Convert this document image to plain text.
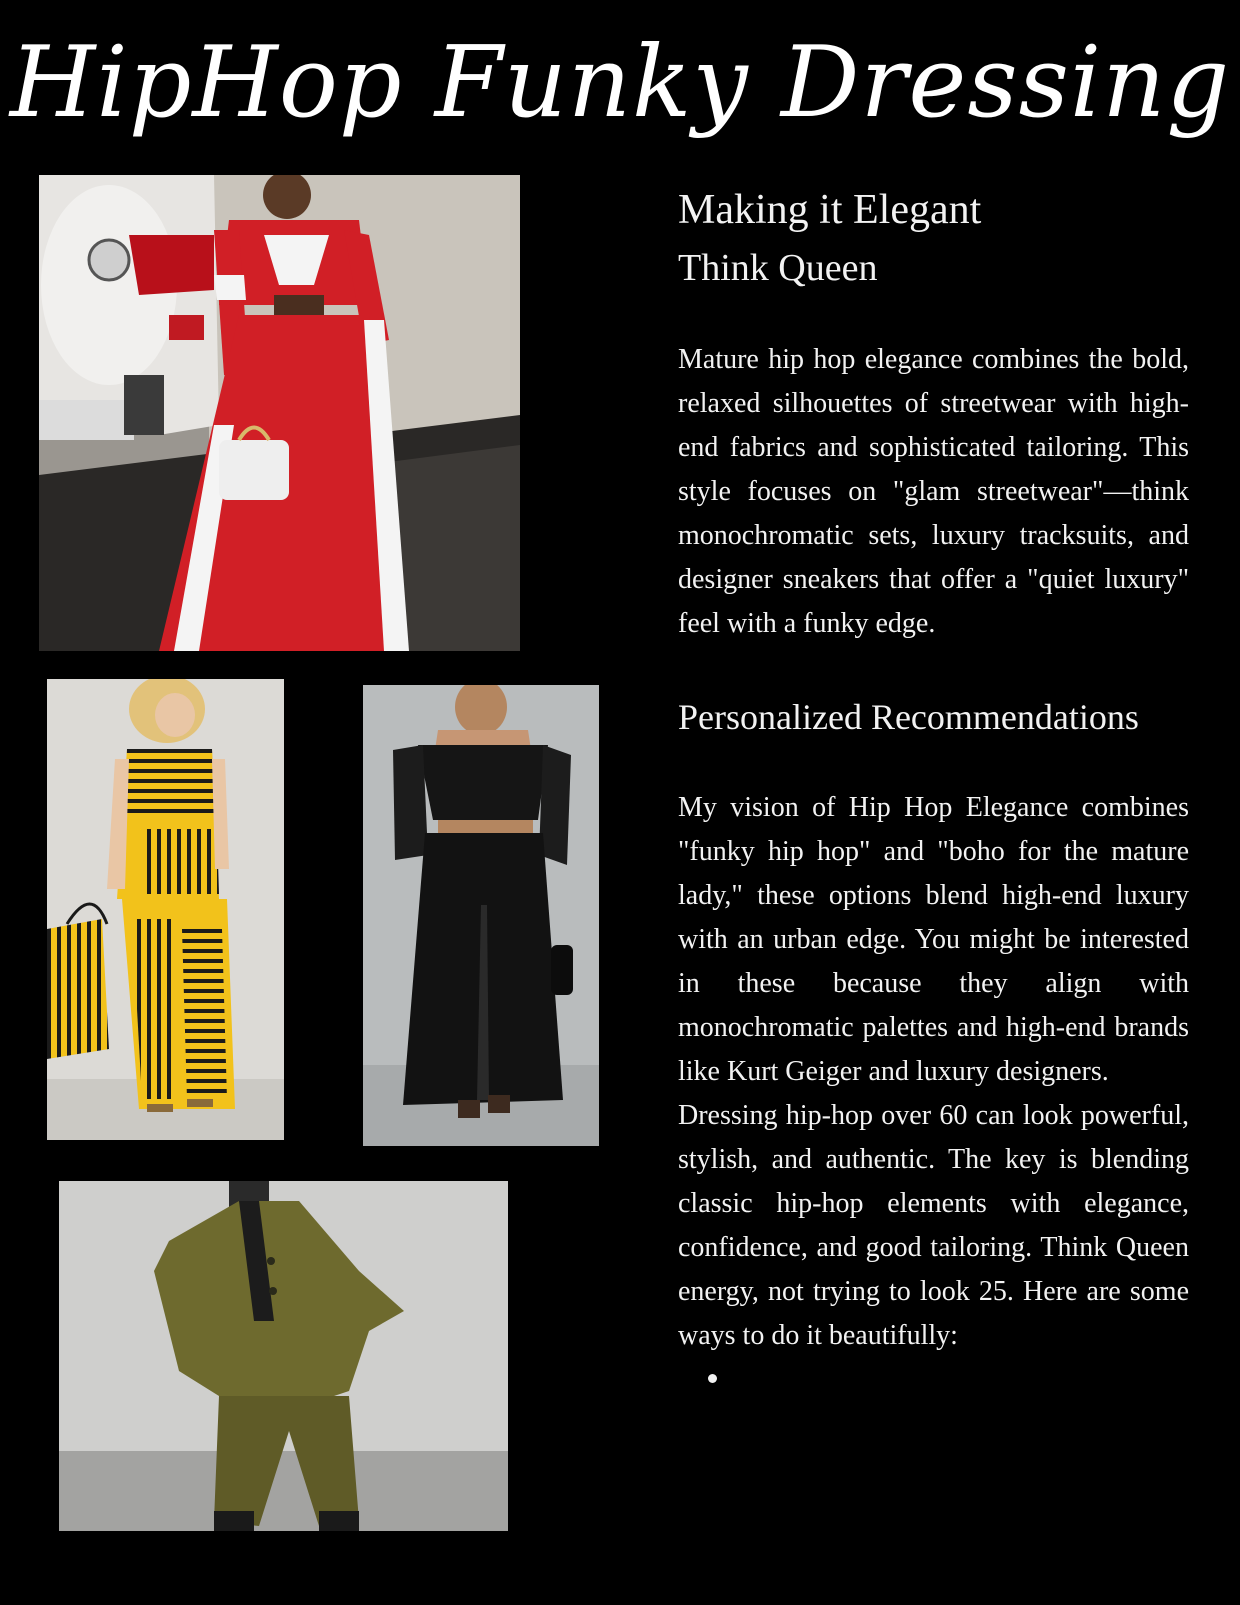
HipHop Funky Dressing
Making it Elegant
Think Queen

Mature hip hop elegance combines the bold, relaxed silhouettes of streetwear with high-end fabrics and sophisticated tailoring. This style focuses on "glam streetwear"—think monochromatic sets, luxury tracksuits, and designer sneakers that offer a "quiet luxury" feel with a funky edge.

Personalized Recommendations

My vision of Hip Hop Elegance combines "funky hip hop" and "boho for the mature lady," these options blend high-end luxury with an urban edge. You might be interested in these because they align with monochromatic palettes and high-end brands like Kurt Geiger and luxury designers.

Dressing hip-hop over 60 can look powerful, stylish, and authentic. The key is blending classic hip-hop elements with elegance, confidence, and good tailoring. Think Queen energy, not trying to look 25. Here are some ways to do it beautifully:
